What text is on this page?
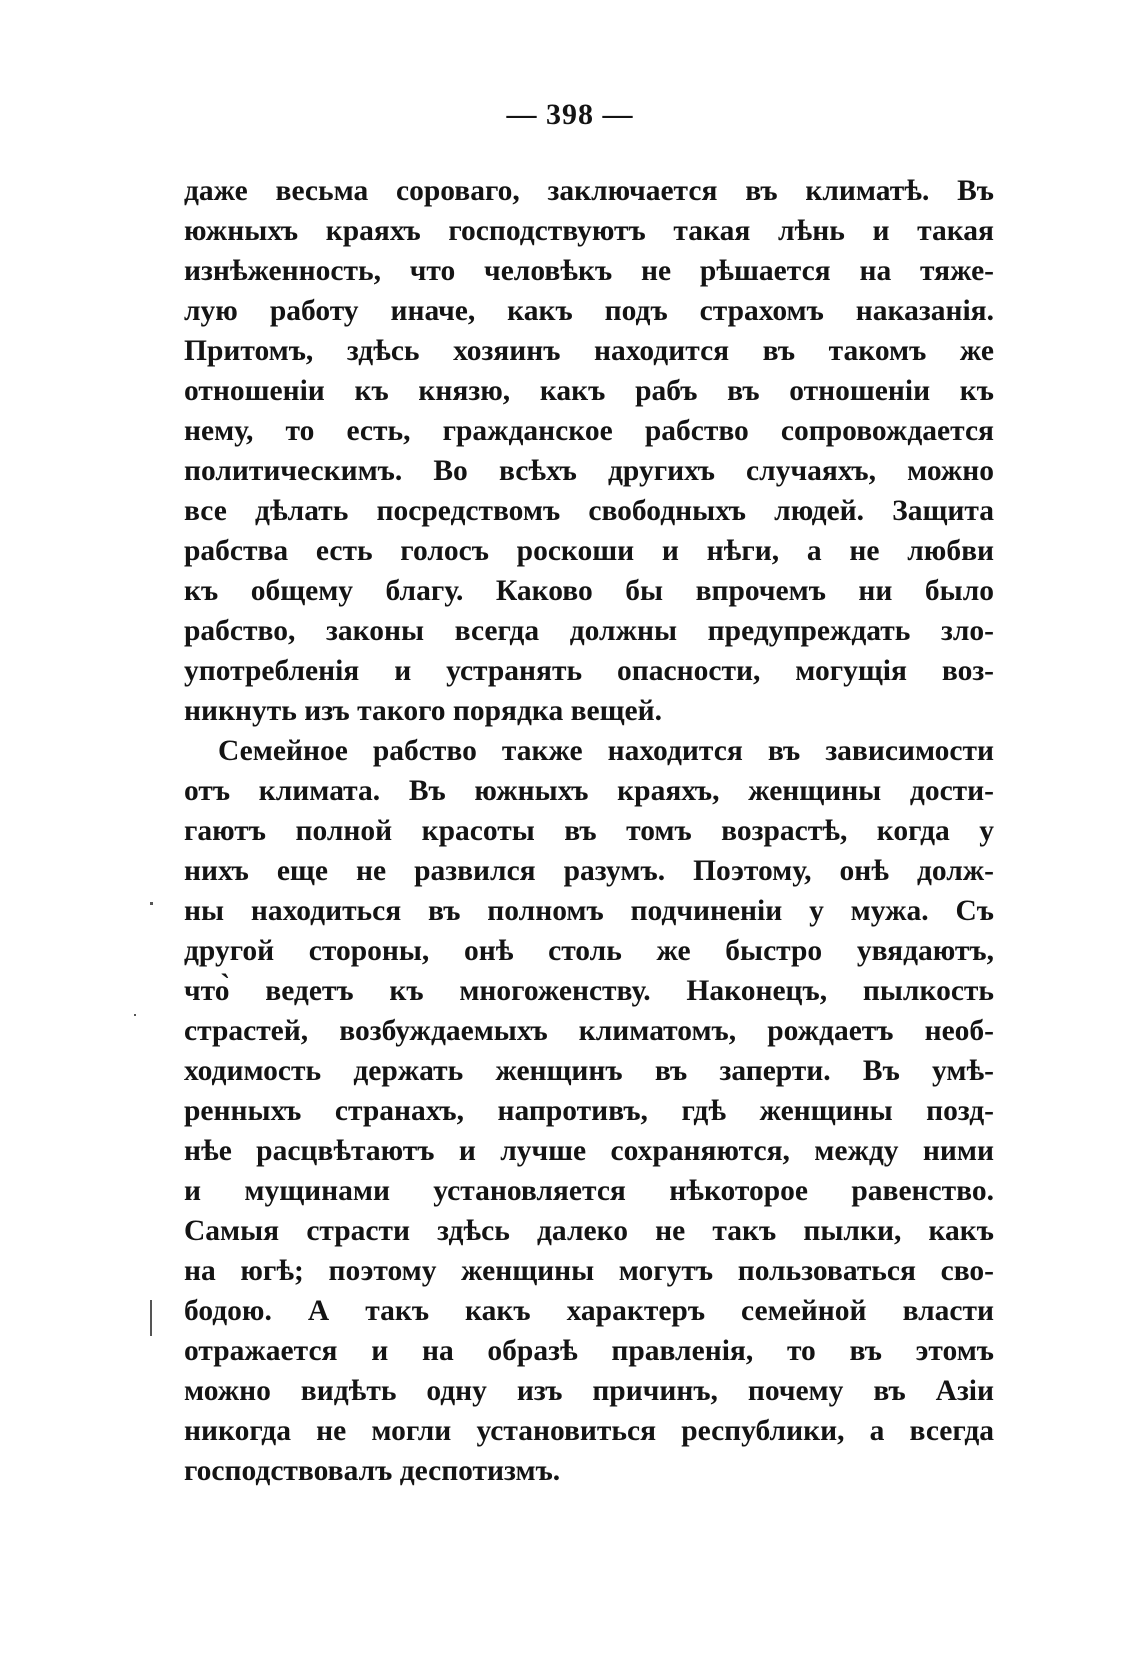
— 398 —
даже весьма сороваго, заключается въ климатѣ. Въ
южныхъ краяхъ господствуютъ такая лѣнь и такая
изнѣженность, что человѣкъ не рѣшается на тяже-
лую работу иначе, какъ подъ страхомъ наказанія.
Притомъ, здѣсь хозяинъ находится въ такомъ же
отношеніи къ князю, какъ рабъ въ отношеніи къ
нему, то есть, гражданское рабство сопровождается
политическимъ. Во всѣхъ другихъ случаяхъ, можно
все дѣлать посредствомъ свободныхъ людей. Защита
рабства есть голосъ роскоши и нѣги, а не любви
къ общему благу. Каково бы впрочемъ ни было
рабство, законы всегда должны предупреждать зло-
употребленія и устранять опасности, могущія воз-
никнуть изъ такого порядка вещей.
Семейное рабство также находится въ зависимости
отъ климата. Въ южныхъ краяхъ, женщины дости-
гаютъ полной красоты въ томъ возрастѣ, когда у
нихъ еще не развился разумъ. Поэтому, онѣ долж-
ны находиться въ полномъ подчиненіи у мужа. Съ
другой стороны, онѣ столь же быстро увядаютъ,
что̀ ведетъ къ многоженству. Наконецъ, пылкость
страстей, возбуждаемыхъ климатомъ, рождаетъ необ-
ходимость держать женщинъ въ заперти. Въ умѣ-
ренныхъ странахъ, напротивъ, гдѣ женщины позд-
нѣе расцвѣтаютъ и лучше сохраняются, между ними
и мущинами установляется нѣкоторое равенство.
Самыя страсти здѣсь далеко не такъ пылки, какъ
на югѣ; поэтому женщины могутъ пользоваться сво-
бодою. А такъ какъ характеръ семейной власти
отражается и на образѣ правленія, то въ этомъ
можно видѣть одну изъ причинъ, почему въ Азіи
никогда не могли установиться республики, а всегда
господствовалъ деспотизмъ.
